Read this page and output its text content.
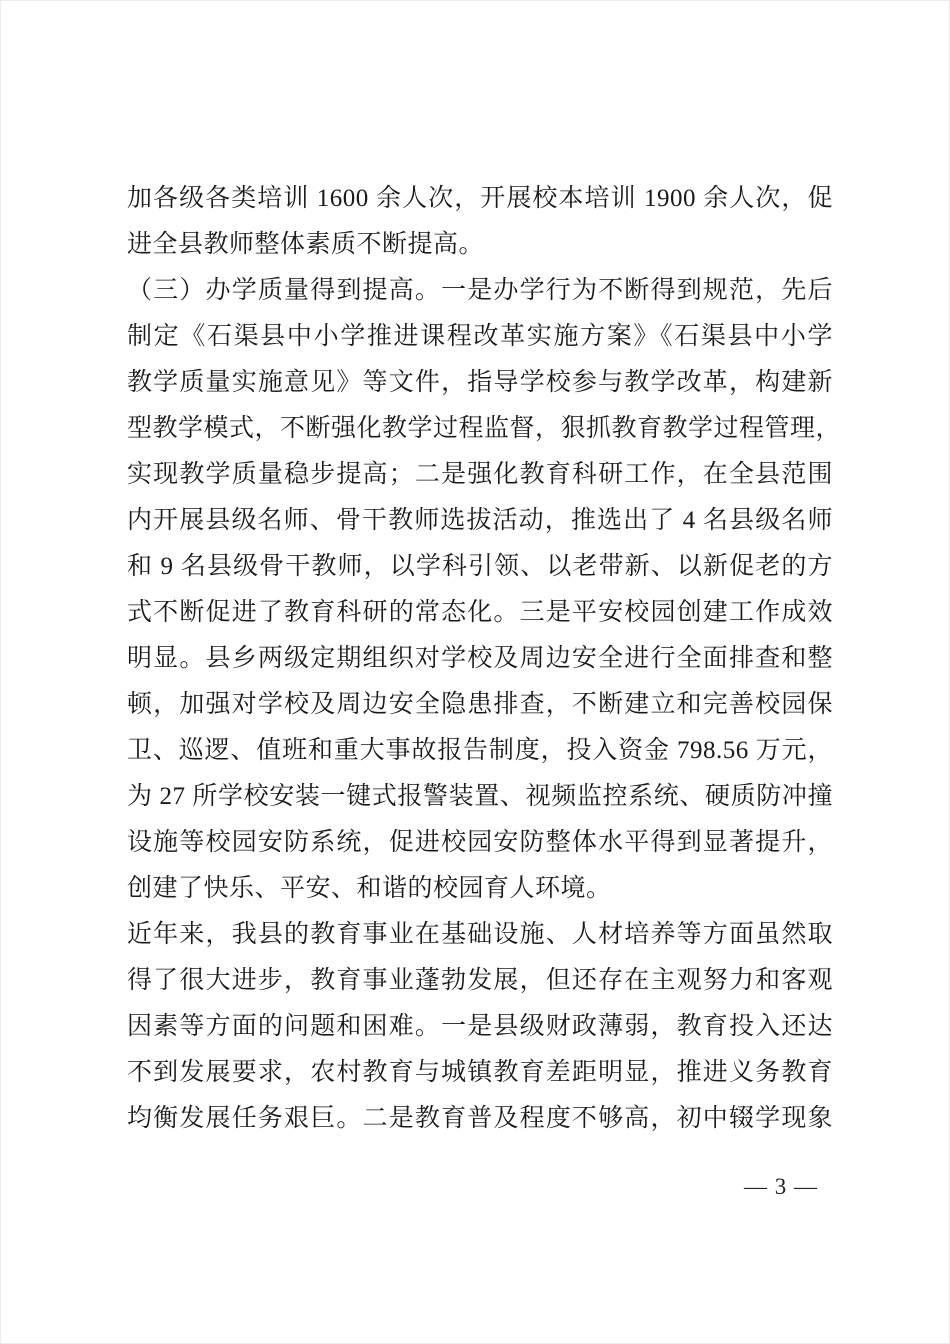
加各级各类培训 1600 余人次，开展校本培训 1900 余人次，促
进全县教师整体素质不断提高。
（三）办学质量得到提高。一是办学行为不断得到规范，先后
制定《石渠县中小学推进课程改革实施方案》《石渠县中小学
教学质量实施意见》等文件，指导学校参与教学改革，构建新
型教学模式，不断强化教学过程监督，狠抓教育教学过程管理，
实现教学质量稳步提高；二是强化教育科研工作，在全县范围
内开展县级名师、骨干教师选拔活动，推选出了 4 名县级名师
和 9 名县级骨干教师，以学科引领、以老带新、以新促老的方
式不断促进了教育科研的常态化。三是平安校园创建工作成效
明显。县乡两级定期组织对学校及周边安全进行全面排查和整
顿，加强对学校及周边安全隐患排查，不断建立和完善校园保
卫、巡逻、值班和重大事故报告制度，投入资金 798.56 万元，
为 27 所学校安装一键式报警装置、视频监控系统、硬质防冲撞
设施等校园安防系统，促进校园安防整体水平得到显著提升，
创建了快乐、平安、和谐的校园育人环境。
近年来，我县的教育事业在基础设施、人材培养等方面虽然取
得了很大进步，教育事业蓬勃发展，但还存在主观努力和客观
因素等方面的问题和困难。一是县级财政薄弱，教育投入还达
不到发展要求，农村教育与城镇教育差距明显，推进义务教育
均衡发展任务艰巨。二是教育普及程度不够高，初中辍学现象
— 3 —
